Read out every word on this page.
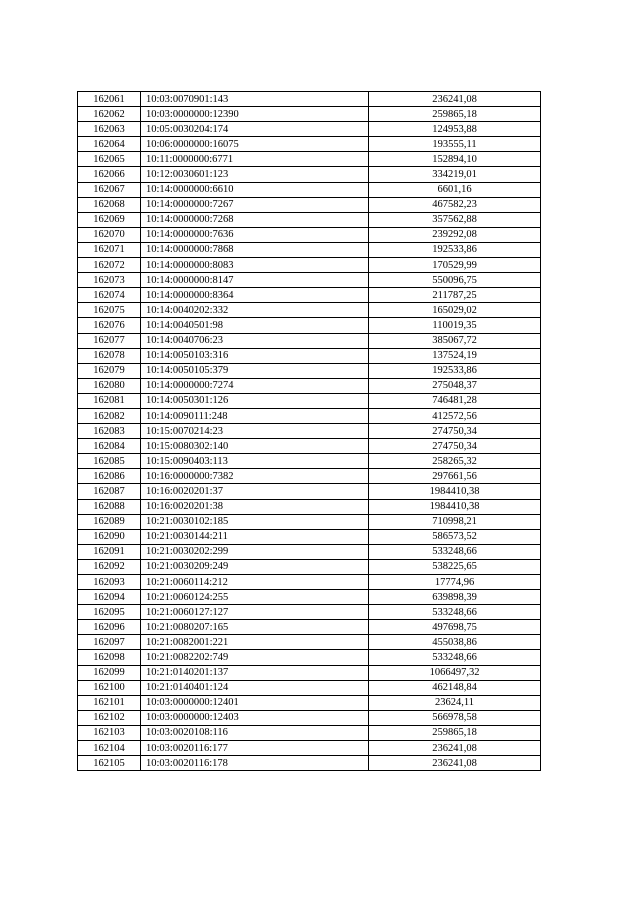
162061	10:03:0070901:143	236241,08
162062	10:03:0000000:12390	259865,18
162063	10:05:0030204:174	124953,88
162064	10:06:0000000:16075	193555,11
162065	10:11:0000000:6771	152894,10
162066	10:12:0030601:123	334219,01
162067	10:14:0000000:6610	6601,16
162068	10:14:0000000:7267	467582,23
162069	10:14:0000000:7268	357562,88
162070	10:14:0000000:7636	239292,08
162071	10:14:0000000:7868	192533,86
162072	10:14:0000000:8083	170529,99
162073	10:14:0000000:8147	550096,75
162074	10:14:0000000:8364	211787,25
162075	10:14:0040202:332	165029,02
162076	10:14:0040501:98	110019,35
162077	10:14:0040706:23	385067,72
162078	10:14:0050103:316	137524,19
162079	10:14:0050105:379	192533,86
162080	10:14:0000000:7274	275048,37
162081	10:14:0050301:126	746481,28
162082	10:14:0090111:248	412572,56
162083	10:15:0070214:23	274750,34
162084	10:15:0080302:140	274750,34
162085	10:15:0090403:113	258265,32
162086	10:16:0000000:7382	297661,56
162087	10:16:0020201:37	1984410,38
162088	10:16:0020201:38	1984410,38
162089	10:21:0030102:185	710998,21
162090	10:21:0030144:211	586573,52
162091	10:21:0030202:299	533248,66
162092	10:21:0030209:249	538225,65
162093	10:21:0060114:212	17774,96
162094	10:21:0060124:255	639898,39
162095	10:21:0060127:127	533248,66
162096	10:21:0080207:165	497698,75
162097	10:21:0082001:221	455038,86
162098	10:21:0082202:749	533248,66
162099	10:21:0140201:137	1066497,32
162100	10:21:0140401:124	462148,84
162101	10:03:0000000:12401	23624,11
162102	10:03:0000000:12403	566978,58
162103	10:03:0020108:116	259865,18
162104	10:03:0020116:177	236241,08
162105	10:03:0020116:178	236241,08
